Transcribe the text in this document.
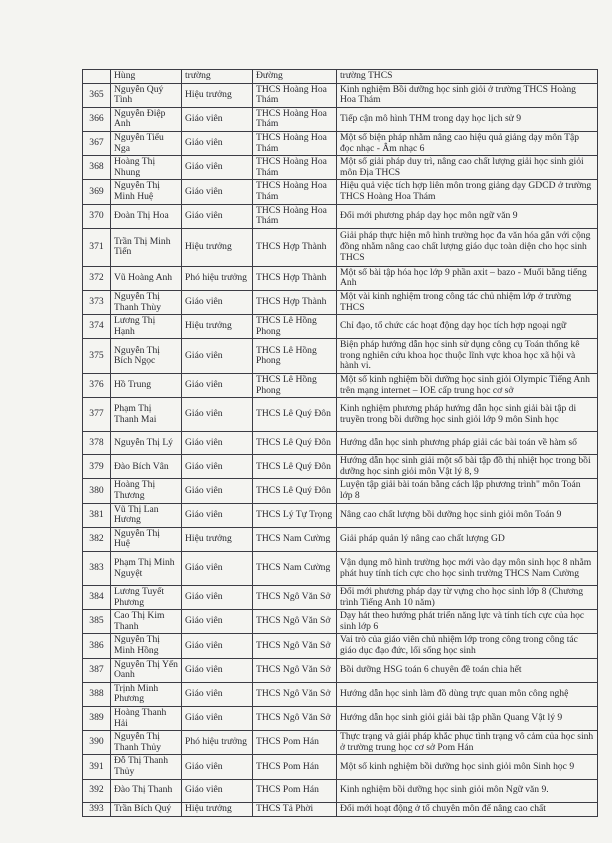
	Hùng	trường	Đường	trường THCS
365	Nguyễn Quý Tình	Hiệu trưởng	THCS Hoàng Hoa Thám	Kinh nghiệm Bồi dưỡng học sinh giỏi ở trường THCS Hoàng Hoa Thám
366	Nguyễn Điệp Anh	Giáo viên	THCS Hoàng Hoa Thám	Tiếp cận mô hình THM trong dạy học lịch sử 9
367	Nguyễn Tiểu Nga	Giáo viên	THCS Hoàng Hoa Thám	Một số biện pháp nhằm nâng cao hiệu quả giảng dạy môn Tập đọc nhạc - Âm nhạc 6
368	Hoàng Thị Nhung	Giáo viên	THCS Hoàng Hoa Thám	Một số giải pháp duy trì, nâng cao chất lượng giải học sinh giỏi môn Địa THCS
369	Nguyễn Thị Minh Huệ	Giáo viên	THCS Hoàng Hoa Thám	Hiệu quả việc tích hợp liên môn trong giảng dạy GDCD ở trường THCS Hoàng Hoa Thám
370	Đoàn Thị Hoa	Giáo viên	THCS Hoàng Hoa Thám	Đổi mới phương pháp dạy học môn ngữ văn 9
371	Trần Thị Minh Tiến	Hiệu trưởng	THCS Hợp Thành	Giải pháp thực hiện mô hình trường học đa văn hóa gắn với cộng đồng nhằm nâng cao chất lượng giáo dục toàn diện cho học sinh THCS
372	Vũ Hoàng Anh	Phó hiệu trưởng	THCS Hợp Thành	Một số bài tập hóa học lớp 9 phần axit – bazo - Muối bằng tiếng Anh
373	Nguyễn Thị Thanh Thùy	Giáo viên	THCS Hợp Thành	Một vài kinh nghiệm trong công tác chủ nhiệm lớp ở trường THCS
374	Lương Thị Hạnh	Hiệu trưởng	THCS Lê Hồng Phong	Chỉ đạo, tổ chức các hoạt động dạy học tích hợp ngoại ngữ
375	Nguyễn Thị Bích Ngọc	Giáo viên	THCS Lê Hồng Phong	Biện pháp hướng dẫn học sinh sử dụng công cụ Toán thống kê trong nghiên cứu khoa học thuộc lĩnh vực khoa học xã hội và hành vi.
376	Hồ Trung	Giáo viên	THCS Lê Hồng Phong	Một số kinh nghiệm bồi dưỡng học sinh giỏi Olympic Tiếng Anh trên mạng internet – IOE cấp trung học cơ sở
377	Phạm Thị Thanh Mai	Giáo viên	THCS Lê Quý Đôn	Kinh nghiệm phương pháp hướng dẫn học sinh giải bài tập di truyền trong bồi dưỡng học sinh giỏi lớp 9 môn Sinh học
378	Nguyễn Thị Lý	Giáo viên	THCS Lê Quý Đôn	Hướng dẫn học sinh phương pháp giải các bài toán về hàm số
379	Đào Bích Vân	Giáo viên	THCS Lê Quý Đôn	Hướng dẫn học sinh giải một số bài tập đồ thị nhiệt học trong bồi dưỡng học sinh giỏi môn Vật lý 8, 9
380	Hoàng Thị Thương	Giáo viên	THCS Lê Quý Đôn	Luyện tập giải bài toán bằng cách lập phương trình" môn Toán lớp 8
381	Vũ Thị Lan Hương	Giáo viên	THCS Lý Tự Trọng	Nâng cao chất lượng bồi dưỡng học sinh giỏi môn Toán 9
382	Nguyễn Thị Huệ	Hiệu trưởng	THCS Nam Cường	Giải pháp quản lý nâng cao chất lượng GD
383	Phạm Thị Minh Nguyệt	Giáo viên	THCS Nam Cường	Vận dụng mô hình trường học mới vào dạy môn sinh học 8 nhằm phát huy tính tích cực cho học sinh trường THCS Nam Cường
384	Lương Tuyết Phương	Giáo viên	THCS Ngô Văn Sở	Đổi mới phương pháp dạy từ vựng cho học sinh lớp 8 (Chương trình Tiếng Anh 10 năm)
385	Cao Thị Kim Thanh	Giáo viên	THCS Ngô Văn Sở	Dạy hát theo hướng phát triển năng lực và tính tích cực của học sinh lớp 6
386	Nguyễn Thị Minh Hồng	Giáo viên	THCS Ngô Văn Sở	Vai trò của giáo viên chủ nhiệm lớp trong công trong công tác giáo dục đạo đức, lối sống học sinh
387	Nguyễn Thị Yến Oanh	Giáo viên	THCS Ngô Văn Sở	Bồi dưỡng HSG toán 6 chuyên đề toán chia hết
388	Trịnh Minh Phương	Giáo viên	THCS Ngô Văn Sở	Hướng dẫn học sinh làm đồ dùng trực quan môn công nghệ
389	Hoàng Thanh Hải	Giáo viên	THCS Ngô Văn Sở	Hướng dẫn học sinh giỏi giải bài tập phần Quang Vật lý 9
390	Nguyễn Thị Thanh Thủy	Phó hiệu trưởng	THCS Pom Hán	Thực trạng và giải pháp khắc phục tình trạng vô cảm của học sinh ở trường trung học cơ sở Pom Hán
391	Đỗ Thị Thanh Thủy	Giáo viên	THCS Pom Hán	Một số kinh nghiệm bồi dưỡng học sinh giỏi môn Sinh học 9
392	Đào Thị Thanh	Giáo viên	THCS Pom Hán	Kinh nghiệm bồi dưỡng học sinh giỏi môn Ngữ văn 9.
393	Trần Bích Quý	Hiệu trưởng	THCS Tả Phời	Đổi mới hoạt động ở tổ chuyên môn để nâng cao chất
